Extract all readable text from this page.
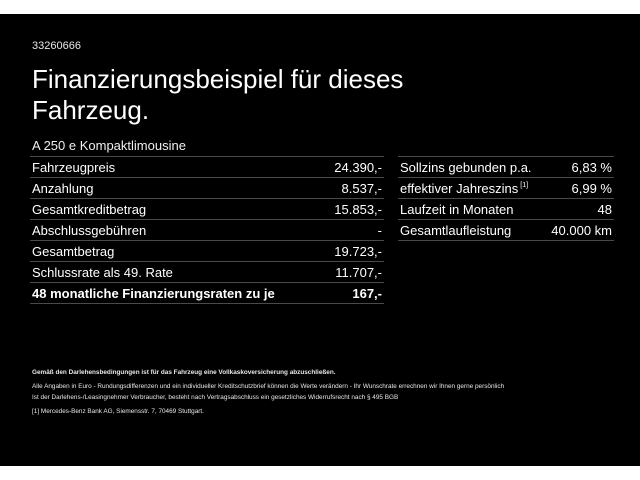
33260666
Finanzierungsbeispiel für dieses Fahrzeug.
A 250 e Kompaktlimousine
Fahrzeugpreis	24.390,-
Anzahlung	8.537,-
Gesamtkreditbetrag	15.853,-
Abschlussgebühren	-
Gesamtbetrag	19.723,-
Schlussrate als 49. Rate	11.707,-
48 monatliche Finanzierungsraten zu je	167,-
Sollzins gebunden p.a.	6,83 %
effektiver Jahreszins [1]	6,99 %
Laufzeit in Monaten	48
Gesamtlaufleistung	40.000 km

Gemäß den Darlehensbedingungen ist für das Fahrzeug eine Vollkaskoversicherung abzuschließen.

Alle Angaben in Euro - Rundungsdifferenzen und ein individueller Kreditschutzbrief können die Werte verändern - Ihr Wunschrate errechnen wir Ihnen gerne persönlich

Ist der Darlehens-/Leasingnehmer Verbraucher, besteht nach Vertragsabschluss ein gesetzliches Widerrufsrecht nach § 495 BGB

[1] Mercedes-Benz Bank AG, Siemensstr. 7, 70469 Stuttgart.
